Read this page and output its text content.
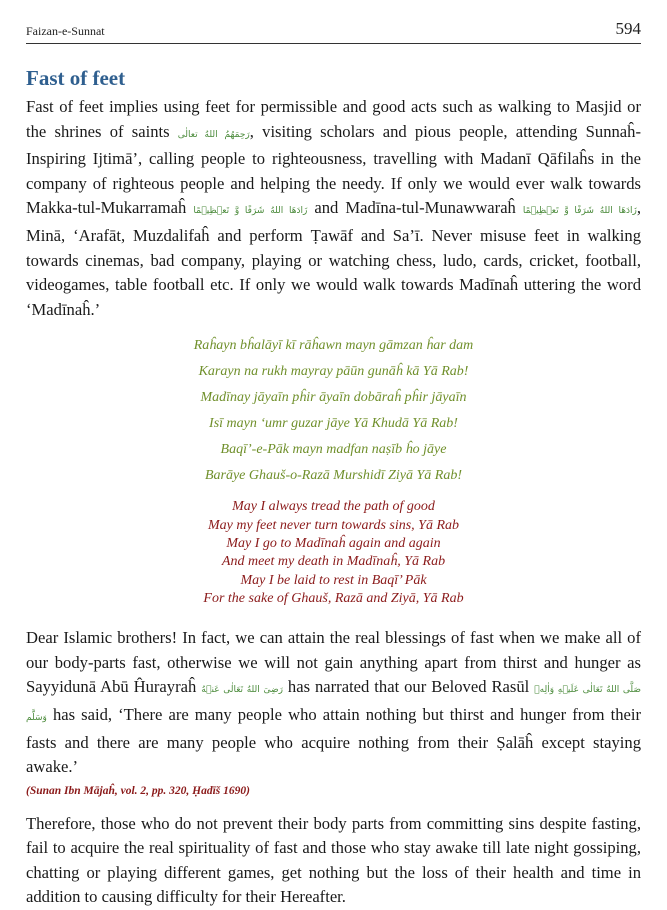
Faizan-e-Sunnat	594
Fast of feet

Fast of feet implies using feet for permissible and good acts such as walking to Masjid or the shrines of saints رَحِمَهُمُ اللهُ تعالٰی, visiting scholars and pious people, attending Sunnaĥ-Inspiring Ijtimā’, calling people to righteousness, travelling with Madanī Qāfilaĥs in the company of righteous people and helping the needy. If only we would ever walk towards Makka-tul-Mukarramaĥ زَادَهَا اللهُ شَرَفًا وَّ تَعۡظِيۡمًا and Madīna-tul-Munawwaraĥ زَادَهَا اللهُ شَرَفًا وَّ تَعۡظِيۡمًا, Minā, ‘Arafāt, Muzdalifaĥ and perform Ṭawāf and Sa’ī. Never misuse feet in walking towards cinemas, bad company, playing or watching chess, ludo, cards, cricket, football, videogames, table football etc. If only we would walk towards Madīnaĥ uttering the word ‘Madīnaĥ.’

Raĥayn bĥalāyī kī rāĥawn mayn gāmzan ĥar dam
Karayn na rukh mayray pāūn gunāĥ kā Yā Rab!
Madīnay jāyaīn pĥir āyaīn dobāraĥ pĥir jāyaīn
Isī mayn ‘umr guzar jāye Yā Khudā Yā Rab!
Baqī’-e-Pāk mayn madfan naṣīb ĥo jāye
Barāye Ghauš-o-Razā Murshidī Ziyā Yā Rab!
May I always tread the path of good
May my feet never turn towards sins, Yā Rab
May I go to Madīnaĥ again and again
And meet my death in Madīnaĥ, Yā Rab
May I be laid to rest in Baqī’ Pāk
For the sake of Ghauš, Razā and Ziyā, Yā Rab

Dear Islamic brothers! In fact, we can attain the real blessings of fast when we make all of our body-parts fast, otherwise we will not gain anything apart from thirst and hunger as Sayyidunā Abū Ĥurayraĥ رَضِیَ اللهُ تَعَالٰی عَنۡهُ has narrated that our Beloved Rasūl صَلَّى اللهُ تَعَالٰى عَلَيۡهِ وَاٰلِهٖ وَسَلَّم has said, ‘There are many people who attain nothing but thirst and hunger from their fasts and there are many people who acquire nothing from their Ṣalāĥ except staying awake.’

(Sunan Ibn Mājaĥ, vol. 2, pp. 320, Ḥadīš 1690)

Therefore, those who do not prevent their body parts from committing sins despite fasting, fail to acquire the real spirituality of fast and those who stay awake till late night gossiping, chatting or playing different games, get nothing but the loss of their health and time in addition to causing difficulty for their Hereafter.
